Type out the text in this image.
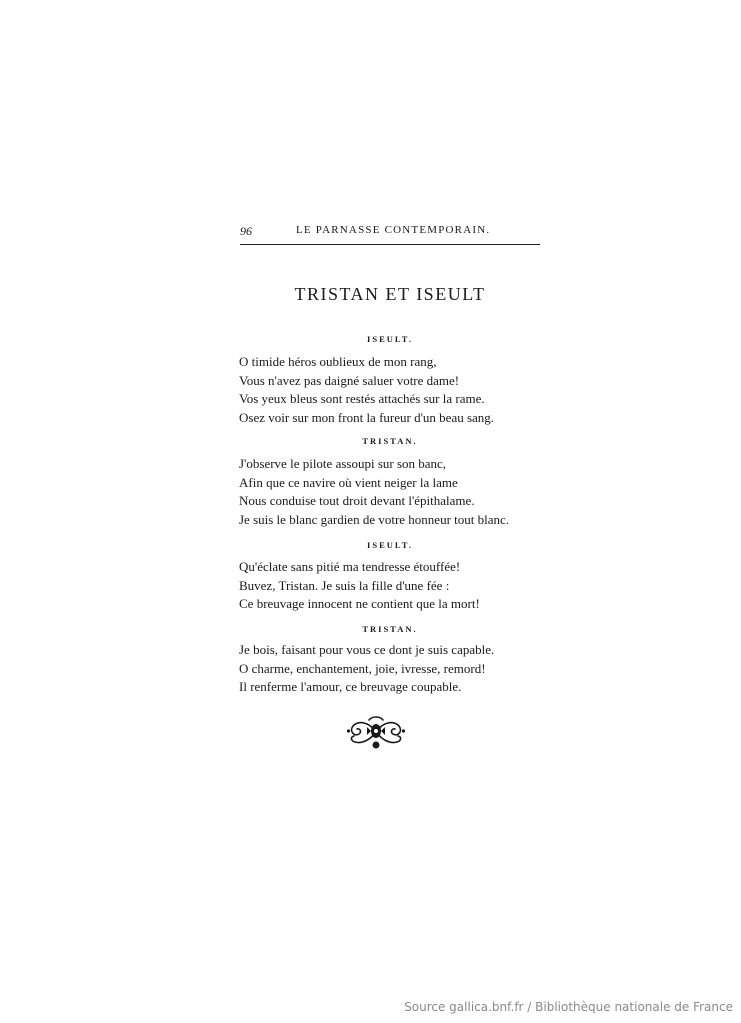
96	LE PARNASSE CONTEMPORAIN.
TRISTAN ET ISEULT
ISEULT.
O timide héros oublieux de mon rang,
Vous n'avez pas daigné saluer votre dame!
Vos yeux bleus sont restés attachés sur la rame.
Osez voir sur mon front la fureur d'un beau sang.
TRISTAN.
J'observe le pilote assoupi sur son banc,
Afin que ce navire où vient neiger la lame
Nous conduise tout droit devant l'épithalame.
Je suis le blanc gardien de votre honneur tout blanc.
ISEULT.
Qu'éclate sans pitié ma tendresse étouffée!
Buvez, Tristan. Je suis la fille d'une fée :
Ce breuvage innocent ne contient que la mort!
TRISTAN.
Je bois, faisant pour vous ce dont je suis capable.
O charme, enchantement, joie, ivresse, remord!
Il renferme l'amour, ce breuvage coupable.
Source gallica.bnf.fr / Bibliothèque nationale de France
